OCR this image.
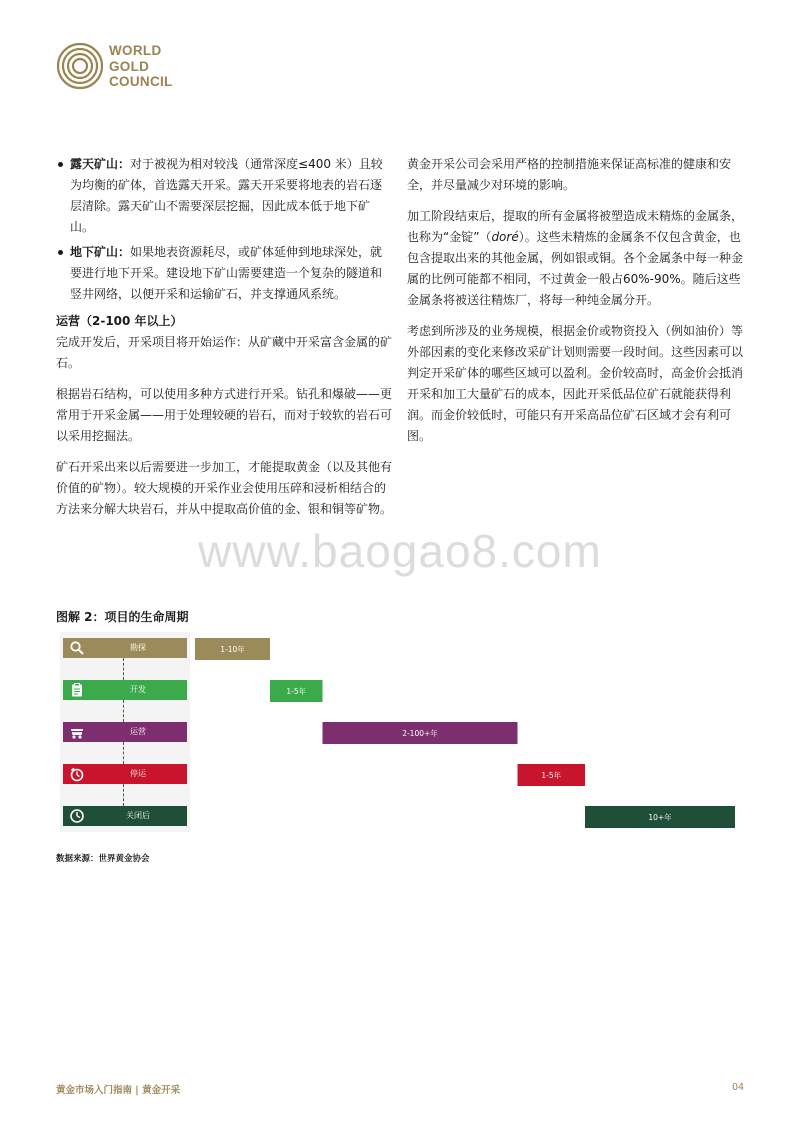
WORLD
GOLD
COUNCIL
露天矿山：对于被视为相对较浅（通常深度≤400 米）且较为均衡的矿体，首选露天开采。露天开采要将地表的岩石逐层清除。露天矿山不需要深层挖掘，因此成本低于地下矿山。
地下矿山：如果地表资源耗尽，或矿体延伸到地球深处，就要进行地下开采。建设地下矿山需要建造一个复杂的隧道和竖井网络，以便开采和运输矿石，并支撑通风系统。
运营（2-100 年以上）

完成开发后，开采项目将开始运作：从矿藏中开采富含金属的矿石。

根据岩石结构，可以使用多种方式进行开采。钻孔和爆破——更常用于开采金属——用于处理较硬的岩石，而对于较软的岩石可以采用挖掘法。

矿石开采出来以后需要进一步加工，才能提取黄金（以及其他有价值的矿物）。较大规模的开采作业会使用压碎和浸析相结合的方法来分解大块岩石，并从中提取高价值的金、银和铜等矿物。

黄金开采公司会采用严格的控制措施来保证高标准的健康和安全，并尽量减少对环境的影响。

加工阶段结束后，提取的所有金属将被塑造成未精炼的金属条，也称为“金锭”（doré）。这些未精炼的金属条不仅包含黄金，也包含提取出来的其他金属，例如银或铜。各个金属条中每一种金属的比例可能都不相同，不过黄金一般占60%-90%。随后这些金属条将被送往精炼厂，将每一种纯金属分开。

考虑到所涉及的业务规模，根据金价或物资投入（例如油价）等外部因素的变化来修改采矿计划则需要一段时间。这些因素可以判定开采矿体的哪些区域可以盈利。金价较高时，高金价会抵消开采和加工大量矿石的成本，因此开采低品位矿石就能获得利润。而金价较低时，可能只有开采高品位矿石区域才会有利可图。

www.baogao8.com
图解 2：项目的生命周期
勘探
开发
运营
停运
关闭后
1-10年
1-5年
2-100+年
1-5年
10+年
数据来源：世界黄金协会
黄金市场入门指南 | 黄金开采	04
